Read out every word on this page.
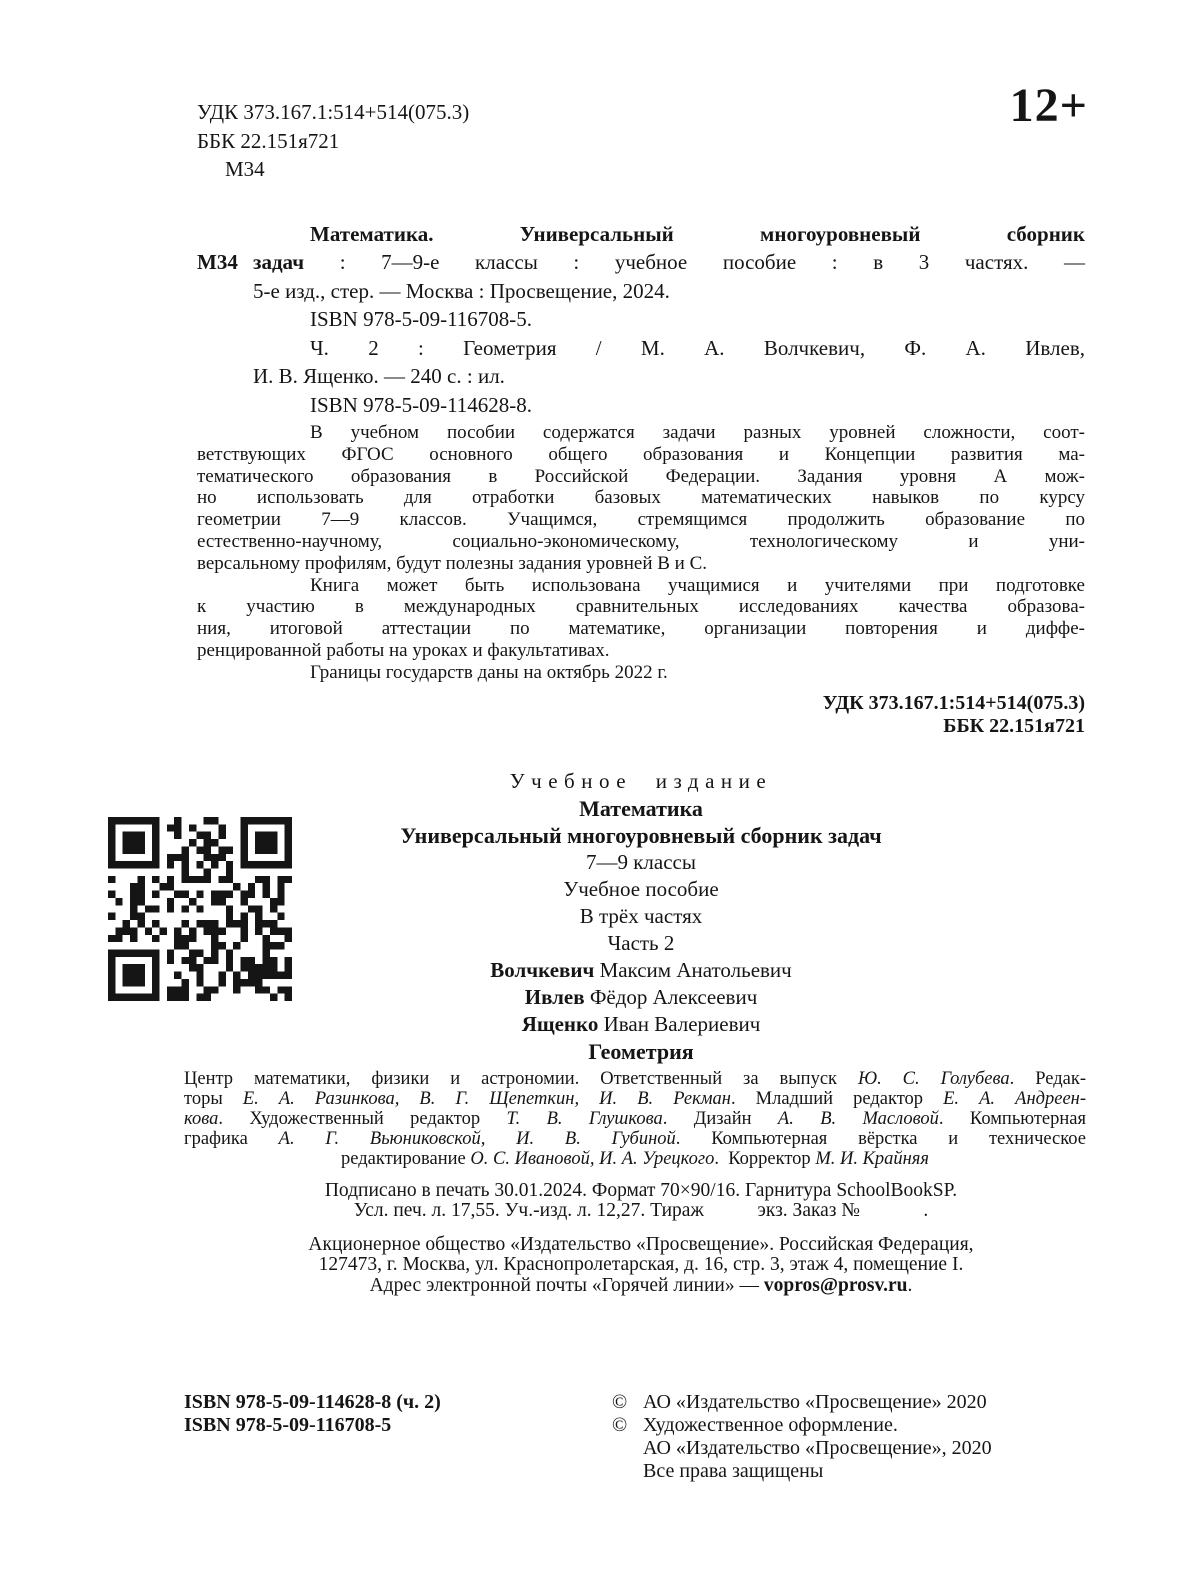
12+
УДК 373.167.1:514+514(075.3)
ББК 22.151я721
М34
М34
Математика. Универсальный многоуровневый сборник
задач : 7—9-е классы : учебное пособие : в 3 частях. —
5-е изд., стер. — Москва : Просвещение, 2024.
ISBN 978-5-09-116708-5.
Ч. 2 : Геометрия / М. А. Волчкевич, Ф. А. Ивлев,
И. В. Ященко. — 240 с. : ил.
ISBN 978-5-09-114628-8.
В учебном пособии содержатся задачи разных уровней сложности, соот-
ветствующих ФГОС основного общего образования и Концепции развития ма-
тематического образования в Российской Федерации. Задания уровня А мож-
но использовать для отработки базовых математических навыков по курсу
геометрии 7—9 классов. Учащимся, стремящимся продолжить образование по
естественно-научному, социально-экономическому, технологическому и уни-
версальному профилям, будут полезны задания уровней В и С.
Книга может быть использована учащимися и учителями при подготовке
к участию в международных сравнительных исследованиях качества образова-
ния, итоговой аттестации по математике, организации повторения и диффе-
ренцированной работы на уроках и факультативах.
Границы государств даны на октябрь 2022 г.
УДК 373.167.1:514+514(075.3)
ББК 22.151я721
Учебное издание
Математика
Универсальный многоуровневый сборник задач
7—9 классы
Учебное пособие
В трёх частях
Часть 2
Волчкевич Максим Анатольевич
Ивлев Фёдор Алексеевич
Ященко Иван Валериевич
Геометрия
Центр математики, физики и астрономии. Ответственный за выпуск Ю. С. Голубева. Редак-
торы Е. А. Разинкова, В. Г. Щепеткин, И. В. Рекман. Младший редактор Е. А. Андреен-
кова. Художественный редактор Т. В. Глушкова. Дизайн А. В. Масловой. Компьютерная
графика А. Г. Вьюниковской, И. В. Губиной. Компьютерная вёрстка и техническое
редактирование О. С. Ивановой, И. А. Урецкого.  Корректор М. И. Крайняя
Подписано в печать 30.01.2024. Формат 70×90/16. Гарнитура SchoolBookSP.
Усл. печ. л. 17,55. Уч.-изд. л. 12,27. Тираж           экз. Заказ №             .
Акционерное общество «Издательство «Просвещение». Российская Федерация,
127473, г. Москва, ул. Краснопролетарская, д. 16, стр. 3, этаж 4, помещение I.
Адрес электронной почты «Горячей линии» — vopros@prosv.ru.
ISBN 978-5-09-114628-8 (ч. 2)
ISBN 978-5-09-116708-5
© АО «Издательство «Просвещение» 2020
© Художественное оформление.
АО «Издательство «Просвещение», 2020
Все права защищены
